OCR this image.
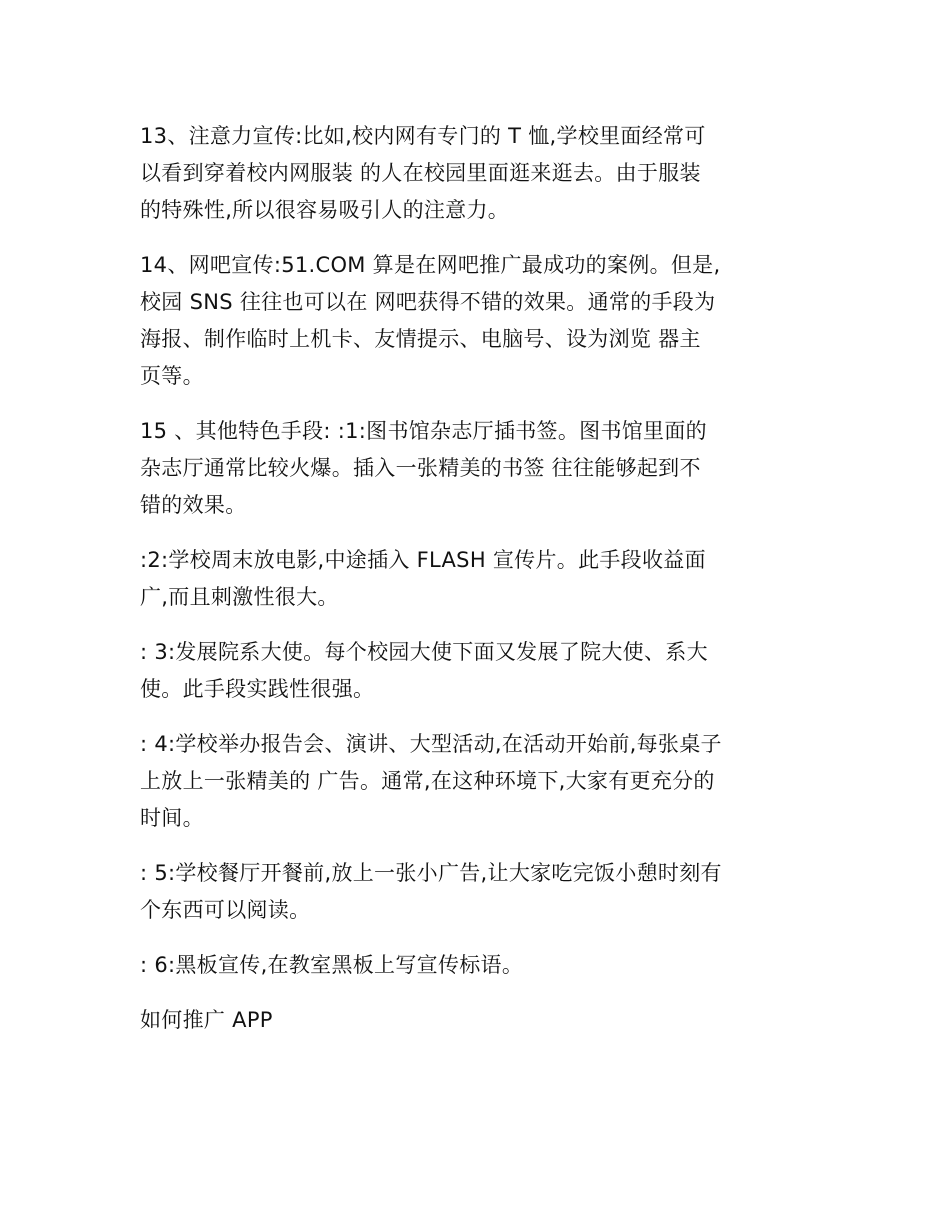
13、注意力宣传:比如,校内网有专门的 T 恤,学校里面经常可
以看到穿着校内网服装 的人在校园里面逛来逛去。由于服装
的特殊性,所以很容易吸引人的注意力。

14、网吧宣传:51.COM 算是在网吧推广最成功的案例。但是,
校园 SNS 往往也可以在 网吧获得不错的效果。通常的手段为
海报、制作临时上机卡、友情提示、电脑号、设为浏览 器主
页等。

15 、其他特色手段: :1:图书馆杂志厅插书签。图书馆里面的
杂志厅通常比较火爆。插入一张精美的书签 往往能够起到不
错的效果。

:2:学校周末放电影,中途插入 FLASH 宣传片。此手段收益面
广,而且刺激性很大。

: 3:发展院系大使。每个校园大使下面又发展了院大使、系大
使。此手段实践性很强。

: 4:学校举办报告会、演讲、大型活动,在活动开始前,每张桌子
上放上一张精美的 广告。通常,在这种环境下,大家有更充分的
时间。

: 5:学校餐厅开餐前,放上一张小广告,让大家吃完饭小憩时刻有
个东西可以阅读。

: 6:黑板宣传,在教室黑板上写宣传标语。

如何推广 APP
